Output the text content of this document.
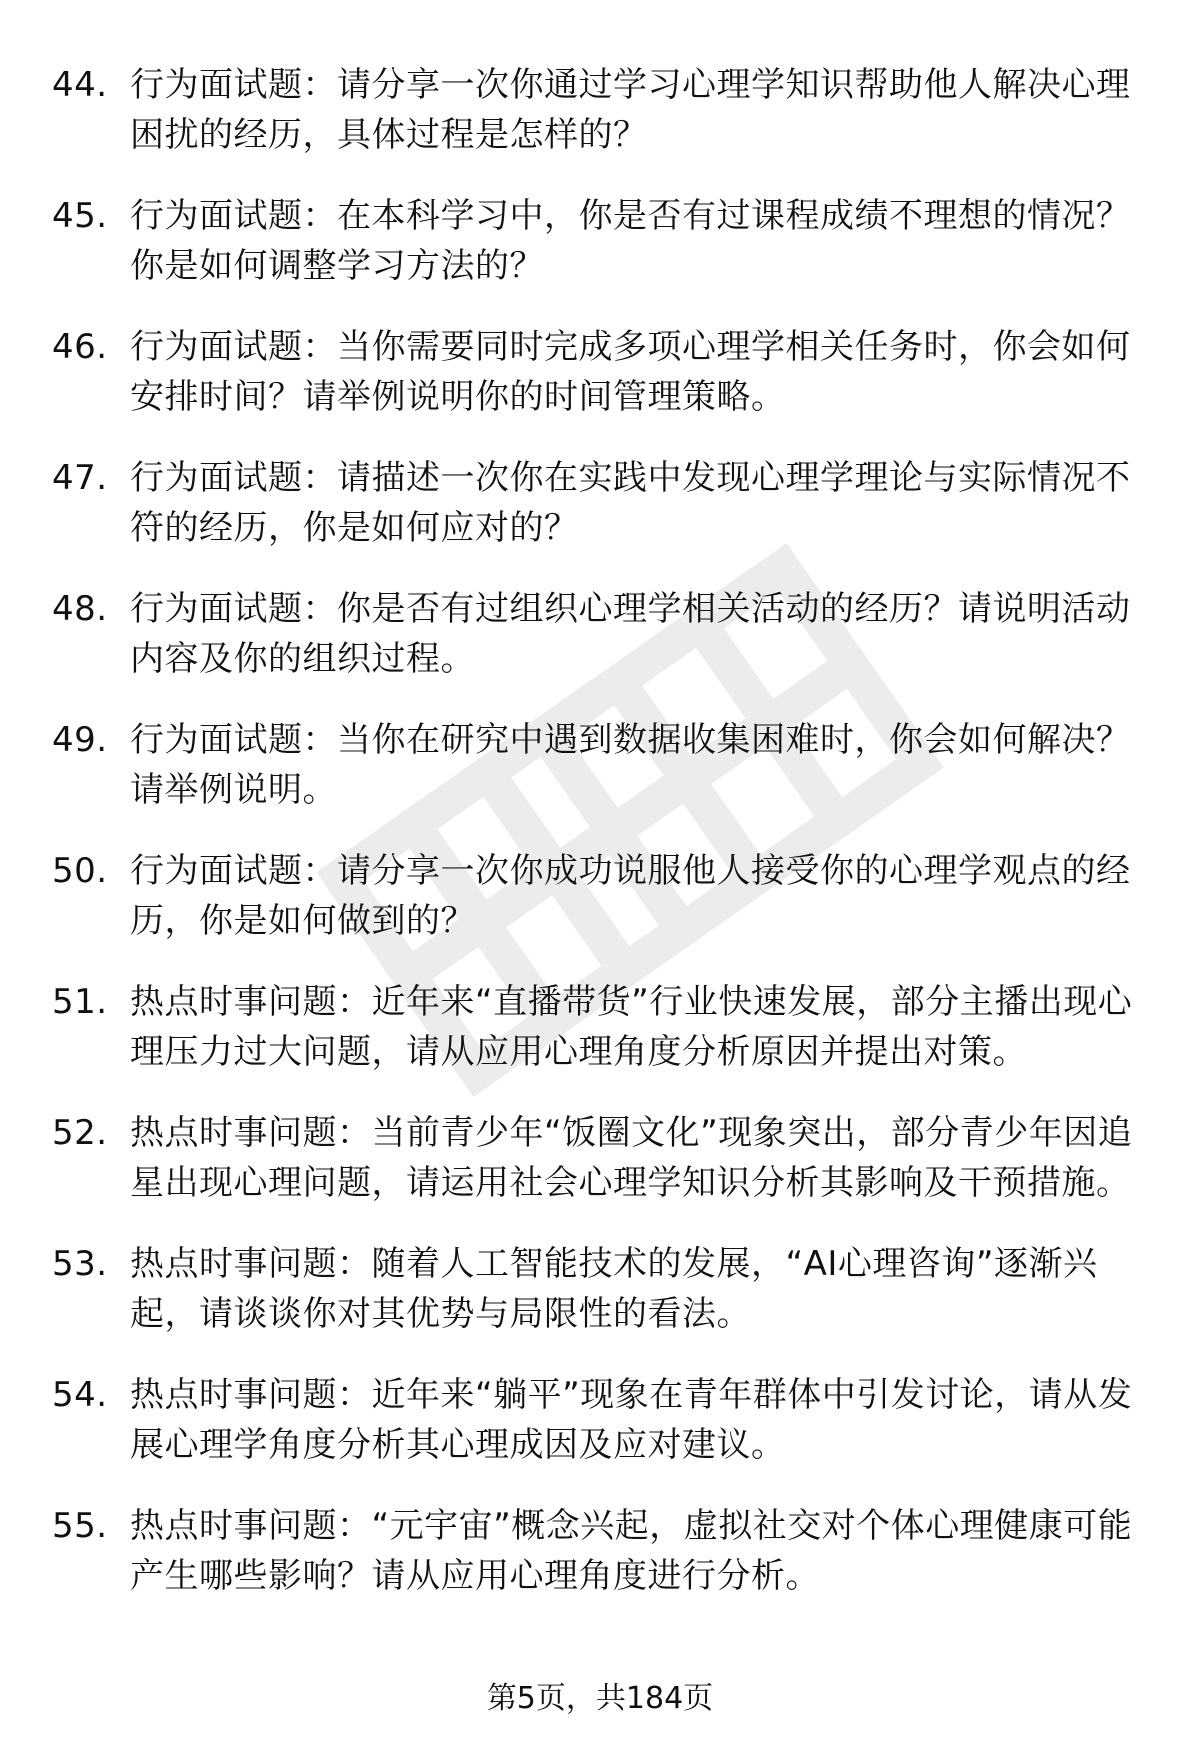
44. 行为面试题：请分享一次你通过学习心理学知识帮助他人解决心理困扰的经历，具体过程是怎样的？
45. 行为面试题：在本科学习中，你是否有过课程成绩不理想的情况？你是如何调整学习方法的？
46. 行为面试题：当你需要同时完成多项心理学相关任务时，你会如何安排时间？请举例说明你的时间管理策略。
47. 行为面试题：请描述一次你在实践中发现心理学理论与实际情况不符的经历，你是如何应对的？
48. 行为面试题：你是否有过组织心理学相关活动的经历？请说明活动内容及你的组织过程。
49. 行为面试题：当你在研究中遇到数据收集困难时，你会如何解决？请举例说明。
50. 行为面试题：请分享一次你成功说服他人接受你的心理学观点的经历，你是如何做到的？
51. 热点时事问题：近年来“直播带货”行业快速发展，部分主播出现心理压力过大问题，请从应用心理角度分析原因并提出对策。
52. 热点时事问题：当前青少年“饭圈文化”现象突出，部分青少年因追星出现心理问题，请运用社会心理学知识分析其影响及干预措施。
53. 热点时事问题：随着人工智能技术的发展，“AI心理咨询”逐渐兴起，请谈谈你对其优势与局限性的看法。
54. 热点时事问题：近年来“躺平”现象在青年群体中引发讨论，请从发展心理学角度分析其心理成因及应对建议。
55. 热点时事问题：“元宇宙”概念兴起，虚拟社交对个体心理健康可能产生哪些影响？请从应用心理角度进行分析。
第5页，共184页
